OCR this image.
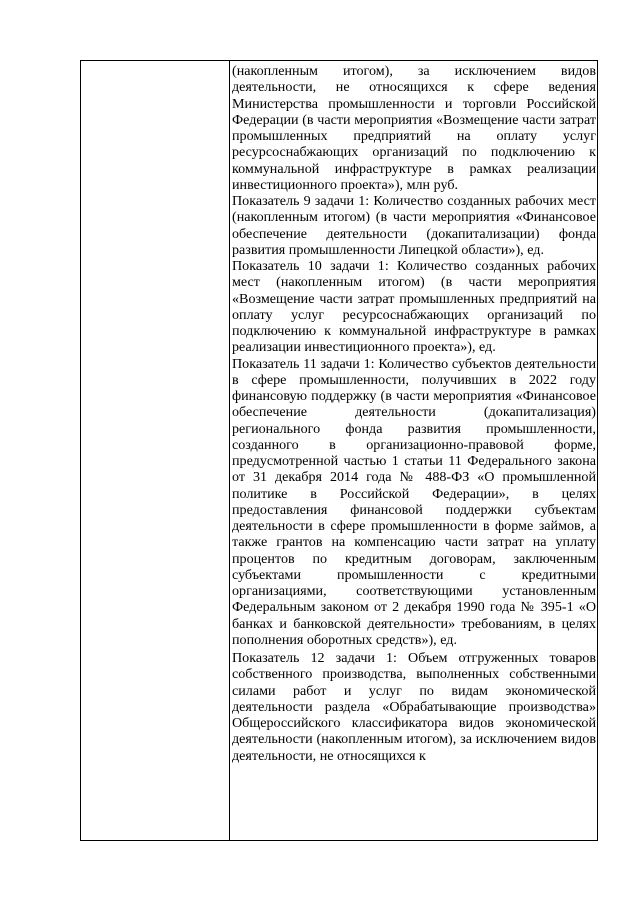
(накопленным итогом), за исключением видов деятельности, не относящихся к сфере ведения Министерства промышленности и торговли Российской Федерации (в части мероприятия «Возмещение части затрат промышленных предприятий на оплату услуг ресурсоснабжающих организаций по подключению к коммунальной инфраструктуре в рамках реализации инвестиционного проекта»), млн руб.

Показатель 9 задачи 1: Количество созданных рабочих мест (накопленным итогом) (в части мероприятия «Финансовое обеспечение деятельности (докапитализации) фонда развития промышленности Липецкой области»), ед.

Показатель 10 задачи 1: Количество созданных рабочих мест (накопленным итогом) (в части мероприятия «Возмещение части затрат промышленных предприятий на оплату услуг ресурсоснабжающих организаций по подключению к коммунальной инфраструктуре в рамках реализации инвестиционного проекта»), ед.

Показатель 11 задачи 1: Количество субъектов деятельности в сфере промышленности, получивших в 2022 году финансовую поддержку (в части мероприятия «Финансовое обеспечение деятельности (докапитализация) регионального фонда развития промышленности, созданного в организационно-правовой форме, предусмотренной частью 1 статьи 11 Федерального закона от 31 декабря 2014 года № 488-ФЗ «О промышленной политике в Российской Федерации», в целях предоставления финансовой поддержки субъектам деятельности в сфере промышленности в форме займов, а также грантов на компенсацию части затрат на уплату процентов по кредитным договорам, заключенным субъектами промышленности с кредитными организациями, соответствующими установленным Федеральным законом от 2 декабря 1990 года № 395-1 «О банках и банковской деятельности» требованиям, в целях пополнения оборотных средств»), ед.

Показатель 12 задачи 1: Объем отгруженных товаров собственного производства, выполненных собственными силами работ и услуг по видам экономической деятельности раздела «Обрабатывающие производства» Общероссийского классификатора видов экономической деятельности (накопленным итогом), за исключением видов деятельности, не относящихся к
